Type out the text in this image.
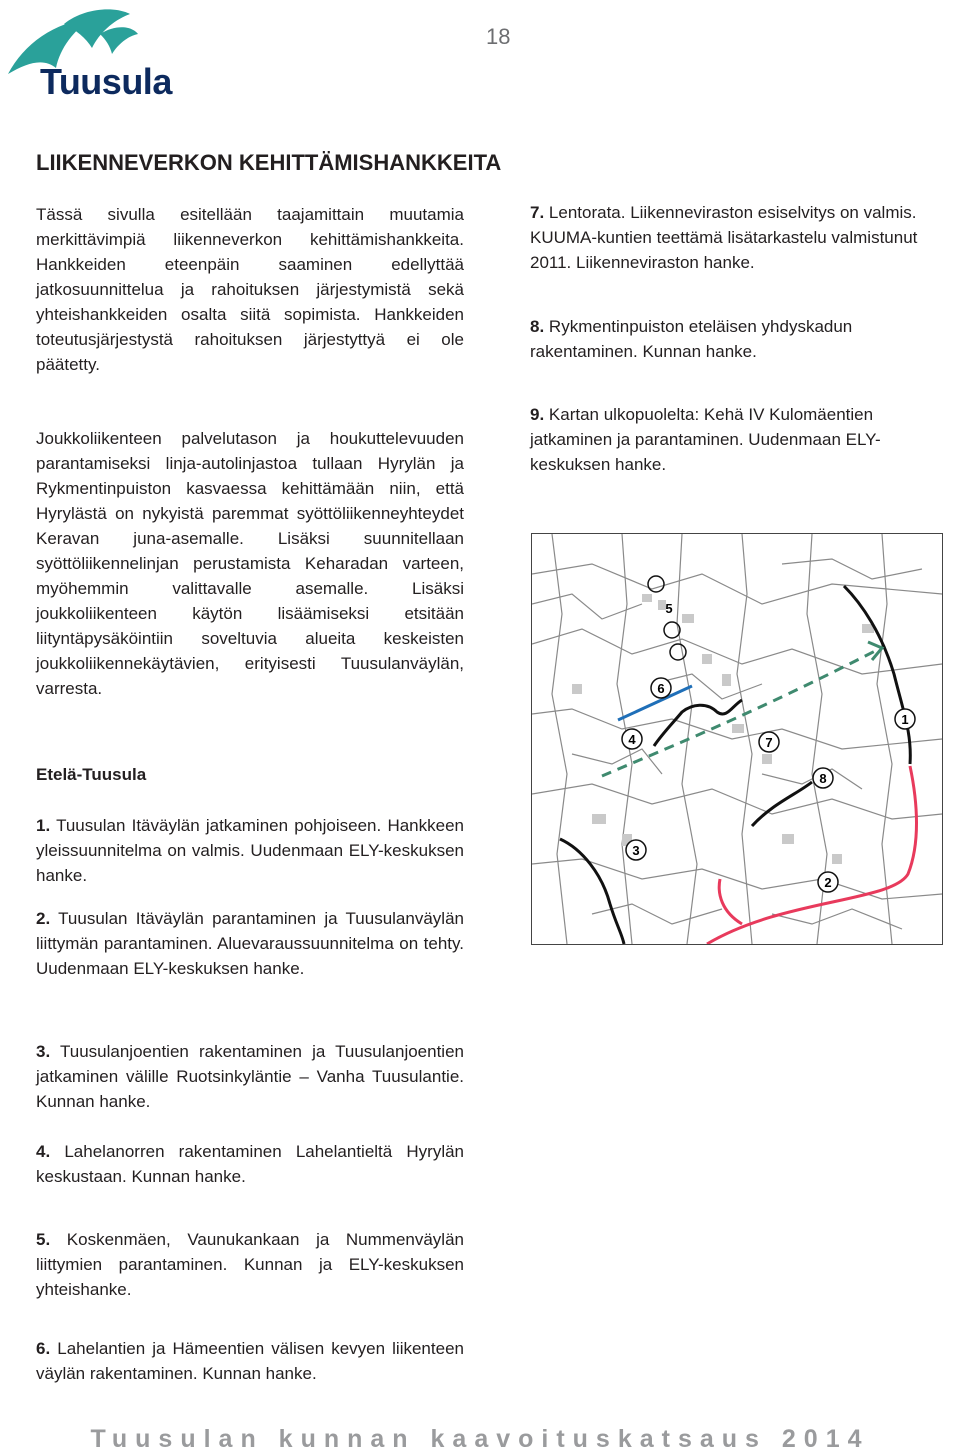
Tuusula
18
LIIKENNEVERKON KEHITTÄMISHANKKEITA

Tässä sivulla esitellään taajamittain muutamia merkittävimpiä liikenneverkon kehittämishankkeita. Hankkeiden eteenpäin saaminen edellyttää jatkosuunnittelua ja rahoituksen järjestymistä sekä yhteishankkeiden osalta siitä sopimista. Hankkeiden toteutusjärjestystä rahoituksen järjestyttyä ei ole päätetty.

Joukkoliikenteen palvelutason ja houkuttelevuuden parantamiseksi linja-autolinjastoa tullaan Hyrylän ja Rykmentinpuiston kasvaessa kehittämään niin, että Hyrylästä on nykyistä paremmat syöttöliikenneyhteydet Keravan juna-asemalle. Lisäksi suunnitellaan syöttöliikennelinjan perustamista Keharadan varteen, myöhemmin valittavalle asemalle. Lisäksi joukkoliikenteen käytön lisäämiseksi etsitään liityntäpysäköintiin soveltuvia alueita keskeisten joukkoliikennekäytävien, erityisesti Tuusulanväylän, varresta.

Etelä-Tuusula

1. Tuusulan Itäväylän jatkaminen pohjoiseen. Hankkeen yleissuunnitelma on valmis. Uudenmaan ELY-keskuksen hanke.

2. Tuusulan Itäväylän parantaminen ja Tuusulanväylän liittymän parantaminen. Aluevaraussuunnitelma on tehty. Uudenmaan ELY-keskuksen hanke.

3. Tuusulanjoentien rakentaminen ja Tuusulanjoentien jatkaminen välille Ruotsinkyläntie – Vanha Tuusulantie. Kunnan hanke.

4. Lahelanorren rakentaminen Lahelantieltä Hyrylän keskustaan. Kunnan hanke.

5. Koskenmäen, Vaunukankaan ja Nummenväylän liittymien parantaminen. Kunnan ja ELY-keskuksen yhteishanke.

6. Lahelantien ja Hämeentien välisen kevyen liikenteen väylän rakentaminen. Kunnan hanke.

7. Lentorata. Liikenneviraston esiselvitys on valmis. KUUMA-kuntien teettämä lisätarkastelu valmistunut 2011. Liikenneviraston hanke.

8. Rykmentinpuiston eteläisen yhdyskadun rakentaminen. Kunnan hanke.

9. Kartan ulkopuolelta: Kehä IV Kulomäentien jatkaminen ja parantaminen. Uudenmaan ELY-keskuksen hanke.

1
2
3
4
5
6
7
8
Tuusulan kunnan kaavoituskatsaus 2014
